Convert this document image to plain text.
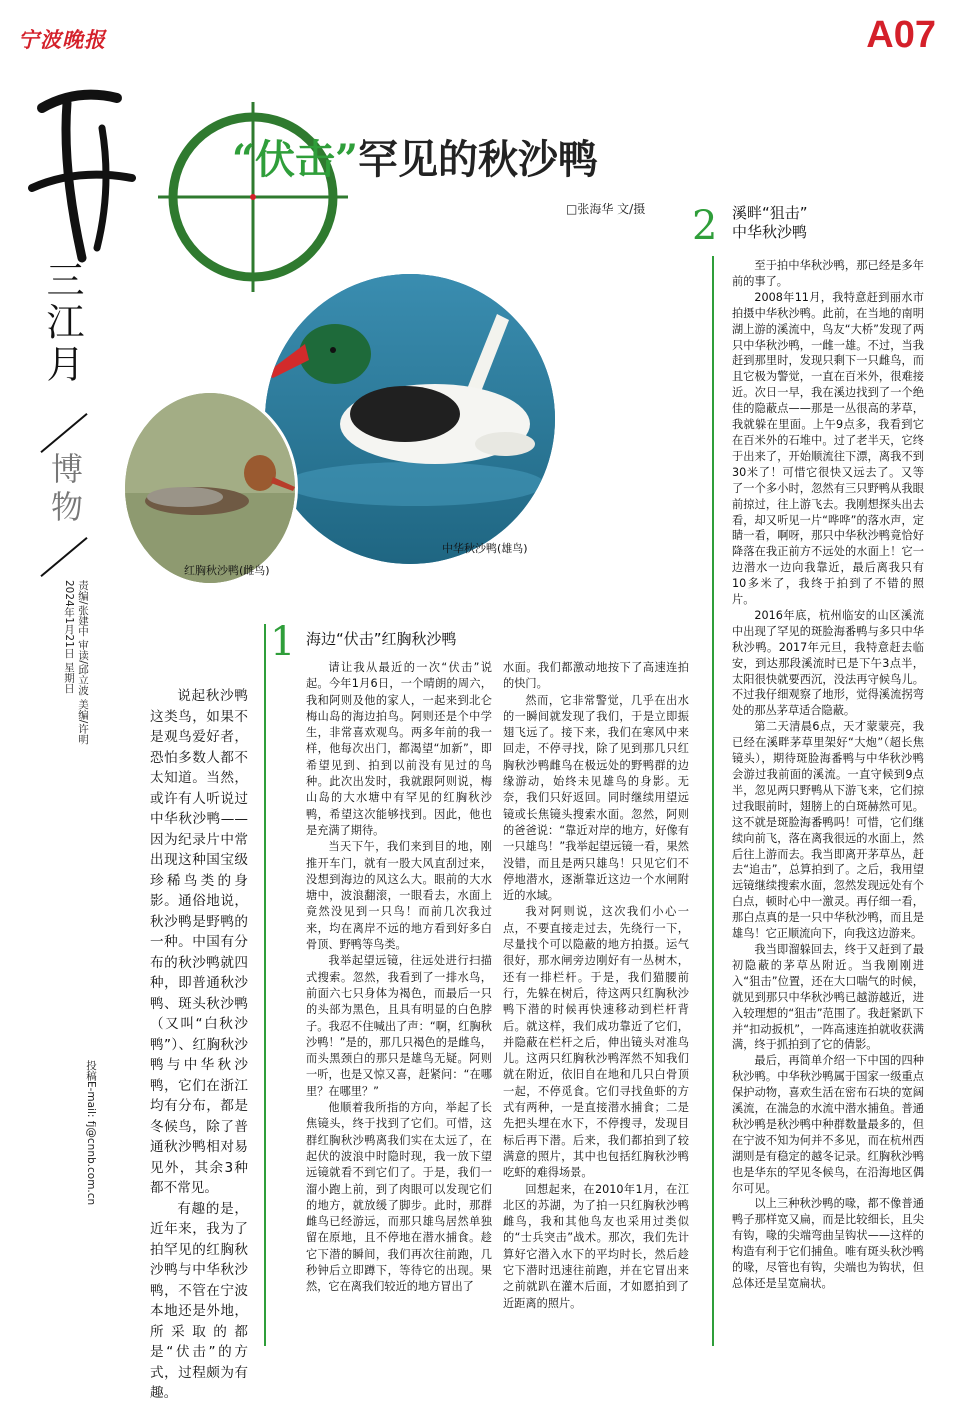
宁波晚报	A07
三江月
博物
责编/张建中 审读/邱立波 美编/许明
2024年1月21日 星期日
投稿E-mail: fj@cnnb.com.cn
“伏击”罕见的秋沙鸭
□张海华 文/摄
中华秋沙鸭(雄鸟)
红胸秋沙鸭(雌鸟)

说起秋沙鸭这类鸟，如果不是观鸟爱好者，恐怕多数人都不太知道。当然，或许有人听说过中华秋沙鸭——因为纪录片中常出现这种国宝级珍稀鸟类的身影。通俗地说，秋沙鸭是野鸭的一种。中国有分布的秋沙鸭就四种，即普通秋沙鸭、斑头秋沙鸭（又叫“白秋沙鸭”）、红胸秋沙鸭与中华秋沙鸭，它们在浙江均有分布，都是冬候鸟，除了普通秋沙鸭相对易见外，其余3种都不常见。

有趣的是，近年来，我为了拍罕见的红胸秋沙鸭与中华秋沙鸭，不管在宁波本地还是外地，所采取的都是“伏击”的方式，过程颇为有趣。

1 海边“伏击”红胸秋沙鸭

请让我从最近的一次“伏击”说起。今年1月6日，一个晴朗的周六，我和阿则及他的家人，一起来到北仑梅山岛的海边拍鸟。阿则还是个中学生，非常喜欢观鸟。两多年前的我一样，他每次出门，都渴望“加新”，即希望见到、拍到以前没有见过的鸟种。此次出发时，我就跟阿则说，梅山岛的大水塘中有罕见的红胸秋沙鸭，希望这次能够找到。因此，他也是充满了期待。

当天下午，我们来到目的地，刚推开车门，就有一股大风直刮过来，没想到海边的风这么大。眼前的大水塘中，波浪翻滚，一眼看去，水面上竟然没见到一只鸟！而前几次我过来，均在离岸不远的地方看到好多白骨顶、野鸭等鸟类。

我举起望远镜，往远处进行扫描式搜索。忽然，我看到了一排水鸟，前面六七只身体为褐色，而最后一只的头部为黑色，且具有明显的白色脖子。我忍不住喊出了声：“啊，红胸秋沙鸭！”是的，那几只褐色的是雌鸟，而头黑颈白的那只是雄鸟无疑。阿则一听，也是又惊又喜，赶紧问：“在哪里？在哪里？”

他顺着我所指的方向，举起了长焦镜头，终于找到了它们。可惜，这群红胸秋沙鸭离我们实在太远了，在起伏的波浪中时隐时现，我一放下望远镜就看不到它们了。于是，我们一溜小跑上前，到了肉眼可以发现它们的地方，就放缓了脚步。此时，那群雌鸟已经游远，而那只雄鸟居然单独留在原地，且不停地在潜水捕食。趁它下潜的瞬间，我们再次往前跑，几秒钟后立即蹲下，等待它的出现。果然，它在离我们较近的地方冒出了

水面。我们都激动地按下了高速连拍的快门。

然而，它非常警觉，几乎在出水的一瞬间就发现了我们，于是立即振翅飞远了。接下来，我们在寒风中来回走，不停寻找，除了见到那几只红胸秋沙鸭雌鸟在极远处的野鸭群的边缘游动，始终未见雄鸟的身影。无奈，我们只好返回。同时继续用望远镜或长焦镜头搜索水面。忽然，阿则的爸爸说：“靠近对岸的地方，好像有一只雄鸟！”我举起望远镜一看，果然没错，而且是两只雄鸟！只见它们不停地潜水，逐渐靠近这边一个水闸附近的水域。

我对阿则说，这次我们小心一点，不要直接走过去，先绕行一下，尽量找个可以隐蔽的地方拍摄。运气很好，那水闸旁边刚好有一丛树木，还有一排栏杆。于是，我们猫腰前行，先躲在树后，待这两只红胸秋沙鸭下潜的时候再快速移动到栏杆背后。就这样，我们成功靠近了它们，并隐蔽在栏杆之后，伸出镜头对准鸟儿。这两只红胸秋沙鸭浑然不知我们就在附近，依旧自在地和几只白骨顶一起，不停觅食。它们寻找鱼虾的方式有两种，一是直接潜水捕食；二是先把头埋在水下，不停搜寻，发现目标后再下潜。后来，我们都拍到了较满意的照片，其中也包括红胸秋沙鸭吃虾的难得场景。

回想起来，在2010年1月，在江北区的苏湖，为了拍一只红胸秋沙鸭雌鸟，我和其他鸟友也采用过类似的“士兵突击”战术。那次，我们先计算好它潜入水下的平均时长，然后趁它下潜时迅速往前跑，并在它冒出来之前就趴在灌木后面，才如愿拍到了近距离的照片。

2 溪畔“狙击”
中华秋沙鸭

至于拍中华秋沙鸭，那已经是多年前的事了。

2008年11月，我特意赶到丽水市拍摄中华秋沙鸭。此前，在当地的南明湖上游的溪流中，鸟友“大桥”发现了两只中华秋沙鸭，一雌一雄。不过，当我赶到那里时，发现只剩下一只雌鸟，而且它极为警觉，一直在百米外，很难接近。次日一早，我在溪边找到了一个绝佳的隐蔽点——那是一丛很高的茅草，我就躲在里面。上午9点多，我看到它在百米外的石堆中。过了老半天，它终于出来了，开始顺流往下漂，离我不到30米了！可惜它很快又远去了。又等了一个多小时，忽然有三只野鸭从我眼前掠过，往上游飞去。我刚想探头出去看，却又听见一片“哗哗”的落水声，定睛一看，啊呀，那只中华秋沙鸭竟恰好降落在我正前方不远处的水面上！它一边潜水一边向我靠近，最后离我只有10多米了，我终于拍到了不错的照片。

2016年底，杭州临安的山区溪流中出现了罕见的斑脸海番鸭与多只中华秋沙鸭。2017年元旦，我特意赶去临安，到达那段溪流时已是下午3点半，太阳很快就要西沉，没法再守候鸟儿。不过我仔细观察了地形，觉得溪流拐弯处的那丛茅草适合隐蔽。

第二天清晨6点，天才蒙蒙亮，我已经在溪畔茅草里架好“大炮”（超长焦镜头），期待斑脸海番鸭与中华秋沙鸭会游过我前面的溪流。一直守候到9点半，忽见两只野鸭从下游飞来，它们掠过我眼前时，翅膀上的白斑赫然可见。这不就是斑脸海番鸭吗！可惜，它们继续向前飞，落在离我很远的水面上，然后往上游而去。我当即离开茅草丛，赶去“追击”，总算拍到了。之后，我用望远镜继续搜索水面，忽然发现远处有个白点，顿时心中一激灵。再仔细一看，那白点真的是一只中华秋沙鸭，而且是雄鸟！它正顺流向下，向我这边游来。

我当即溜躲回去，终于又赶到了最初隐蔽的茅草丛附近。当我刚刚进入“狙击”位置，还在大口喘气的时候，就见到那只中华秋沙鸭已越游越近，进入较理想的“狙击”范围了。我赶紧趴下并“扣动扳机”，一阵高速连拍就收获满满，终于抓拍到了它的倩影。

最后，再简单介绍一下中国的四种秋沙鸭。中华秋沙鸭属于国家一级重点保护动物，喜欢生活在密布石块的宽阔溪流，在湍急的水流中潜水捕鱼。普通秋沙鸭是秋沙鸭中种群数量最多的，但在宁波不知为何并不多见，而在杭州西湖则是有稳定的越冬记录。红胸秋沙鸭也是华东的罕见冬候鸟，在沿海地区偶尔可见。

以上三种秋沙鸭的喙，都不像普通鸭子那样宽又扁，而是比较细长，且尖有钩，喙的尖端弯曲呈钩状——这样的构造有利于它们捕鱼。唯有斑头秋沙鸭的喙，尽管也有钩，尖端也为钩状，但总体还是呈宽扁状。
